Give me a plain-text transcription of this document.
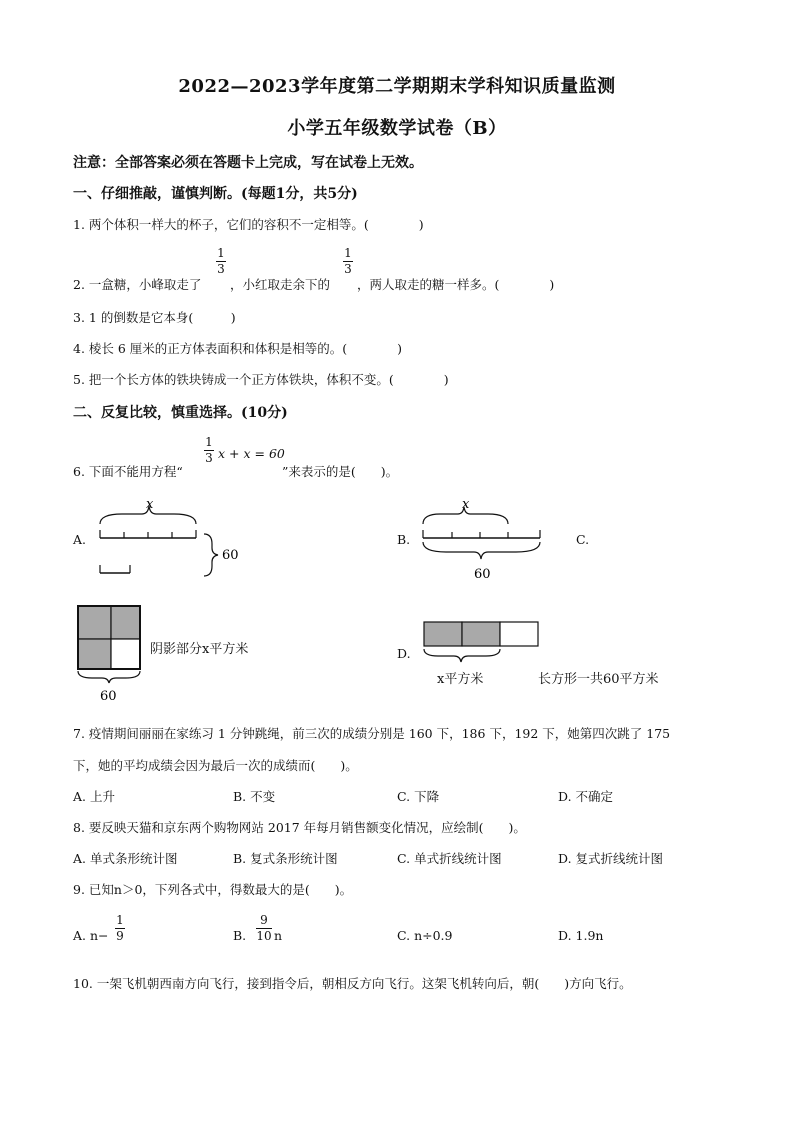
2022—2023学年度第二学期期末学科知识质量监测
小学五年级数学试卷（B）
注意：全部答案必须在答题卡上完成，写在试卷上无效。
一、仔细推敲，谨慎判断。(每题1分，共5分)
1. 两个体积一样大的杯子，它们的容积不一定相等。(　　　　)
2. 一盒糖，小峰取走了
1
3
，小红取走余下的
1
3
，两人取走的糖一样多。(　　　　)
3. 1 的倒数是它本身(　　　)
4. 棱长 6 厘米的正方体表面积和体积是相等的。(　　　　)
5. 把一个长方体的铁块铸成一个正方体铁块，体积不变。(　　　　)
二、反复比较，慎重选择。(10分)
6. 下面不能用方程“
1
3 x + x = 60
”来表示的是(　　)。
A.
x
60
B.
x
60
C.
60
阴影部分x平方米	D.
x平方米	长方形一共60平方米
7. 疫情期间丽丽在家练习 1 分钟跳绳，前三次的成绩分别是 160 下，186 下，192 下，她第四次跳了 175
下，她的平均成绩会因为最后一次的成绩而(　　)。
A. 上升	B. 不变	C. 下降	D. 不确定
8. 要反映天猫和京东两个购物网站 2017 年每月销售额变化情况，应绘制(　　)。
A. 单式条形统计图	B. 复式条形统计图	C. 单式折线统计图	D. 复式折线统计图
9. 已知n＞0，下列各式中，得数最大的是(　　)。
A. n−
1
9	B.
9
10 n	C. n÷0.9	D. 1.9n
10. 一架飞机朝西南方向飞行，接到指令后，朝相反方向飞行。这架飞机转向后，朝(　　)方向飞行。
